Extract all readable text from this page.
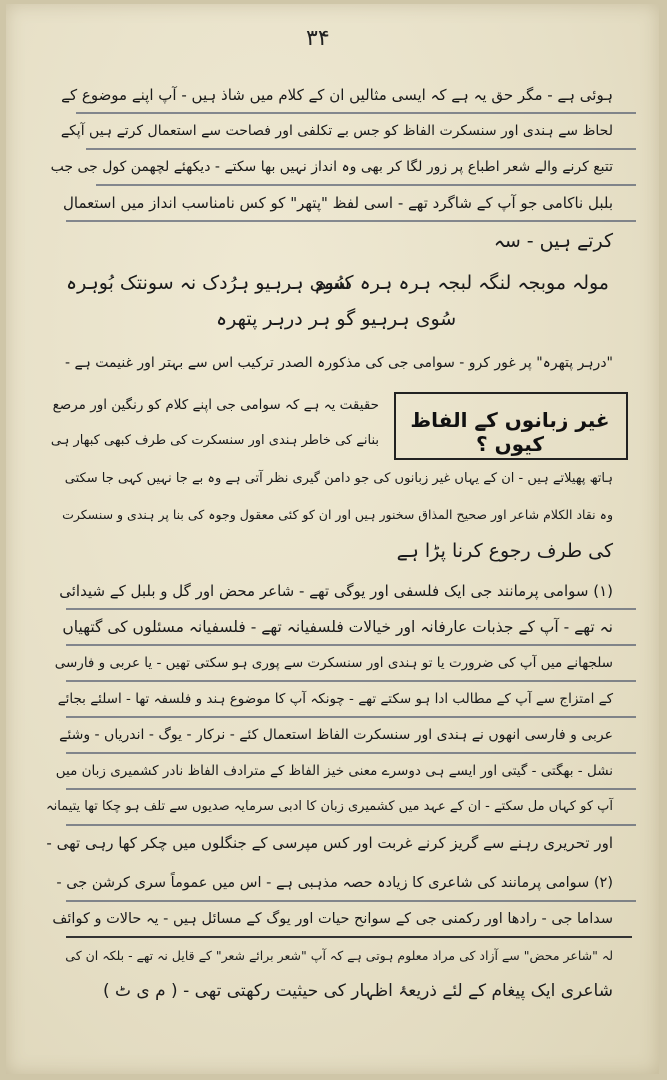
۳۴
ہوئی ہے - مگر حق یہ ہے کہ ایسی مثالیں ان کے کلام میں شاذ ہیں - آپ اپنے موضوع کے
لحاظ سے ہندی اور سنسکرت الفاظ کو جس بے تکلفی اور فصاحت سے استعمال کرتے ہیں آپکے
تتبع کرنے والے شعر اطباع پر زور لگا کر بھی وہ انداز نہیں بھا سکتے - دیکھئے لچھمن کول جی جب
بلبل ناکامی جو آپ کے شاگرد تھے - اسی لفظ "پتھر" کو کس نامناسب انداز میں استعمال
کرتے ہیں - سہ
مولہ موبجہ لنگہ لبجہ ہرہ ہرہ کسم
سُوی ہرہیو ہرُدک نہ سونتک بُوہرہ
سُوی ہرہیو گو ہر درہر پتھرہ
"درہر پتھرہ" پر غور کرو - سوامی جی کی مذکورہ الصدر ترکیب اس سے بہتر اور غنیمت ہے -
غیر زبانوں کے الفاظ کیوں ؟
حقیقت یہ ہے کہ سوامی جی اپنے کلام کو رنگین اور مرصع
بنانے کی خاطر ہندی اور سنسکرت کی طرف کبھی کبھار ہی
ہاتھ پھیلاتے ہیں - ان کے یہاں غیر زبانوں کی جو دامن گیری نظر آتی ہے وہ بے جا نہیں کہی جا سکتی
وہ نقاد الکلام شاعر اور صحیح المذاق سخنور ہیں اور ان کو کئی معقول وجوہ کی بنا پر ہندی و سنسکرت
کی طرف رجوع کرنا پڑا ہے
(۱) سوامی پرمانند جی ایک فلسفی اور یوگی تھے - شاعر محض اور گل و بلبل کے شیدائی
نہ تھے - آپ کے جذبات عارفانہ اور خیالات فلسفیانہ تھے - فلسفیانہ مسئلوں کی گتھیاں
سلجھانے میں آپ کی ضرورت یا تو ہندی اور سنسکرت سے پوری ہو سکتی تھیں - یا عربی و فارسی
کے امتزاج سے آپ کے مطالب ادا ہو سکتے تھے - چونکہ آپ کا موضوع ہند و فلسفہ تھا - اسلئے بجائے
عربی و فارسی انھوں نے ہندی اور سنسکرت الفاظ استعمال کئے - نرکار - یوگ - اندریاں - وشئے
نشل - بھگتی - گیتی اور ایسے ہی دوسرے معنی خیز الفاظ کے مترادف الفاظ نادر کشمیری زبان میں
آپ کو کہاں مل سکتے - ان کے عہد میں کشمیری زبان کا ادبی سرمایہ صدیوں سے تلف ہو چکا تھا یتیمانہ
اور تحریری رہنے سے گریز کرنے غربت اور کس مپرسی کے جنگلوں میں چکر کھا رہی تھی -
(۲) سوامی پرمانند کی شاعری کا زیادہ حصہ مذہبی ہے - اس میں عموماً سری کرشن جی -
سداما جی - رادھا اور رکمنی جی کے سوانح حیات اور یوگ کے مسائل ہیں - یہ حالات و کوائف
لہ "شاعر محض" سے آزاد کی مراد معلوم ہوتی ہے کہ آپ "شعر برائے شعر" کے قایل نہ تھے - بلکہ ان کی
شاعری ایک پیغام کے لئے ذریعۂ اظہار کی حیثیت رکھتی تھی - ( م ی ٹ )
